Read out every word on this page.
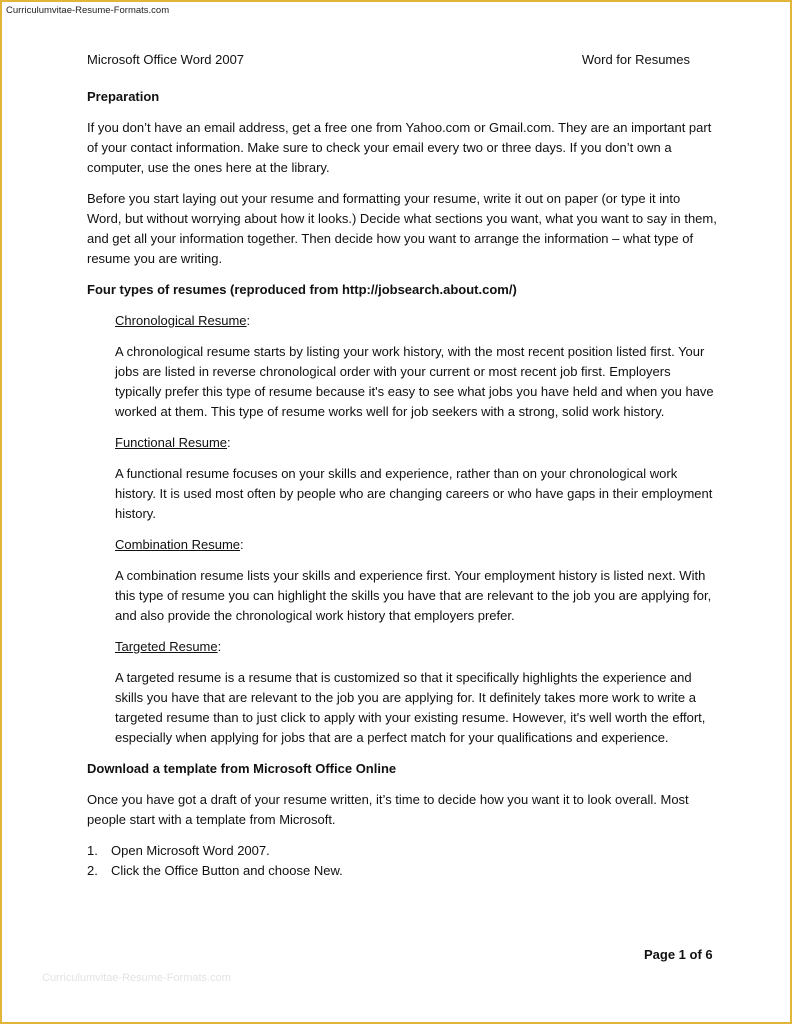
Curriculumvitae-Resume-Formats.com
Microsoft Office Word 2007	Word for Resumes

Preparation

If you don’t have an email address, get a free one from Yahoo.com or Gmail.com. They are an important part of your contact information. Make sure to check your email every two or three days. If you don’t own a computer, use the ones here at the library.

Before you start laying out your resume and formatting your resume, write it out on paper (or type it into Word, but without worrying about how it looks.) Decide what sections you want, what you want to say in them, and get all your information together. Then decide how you want to arrange the information – what type of resume you are writing.

Four types of resumes (reproduced from http://jobsearch.about.com/)

Chronological Resume:

A chronological resume starts by listing your work history, with the most recent position listed first. Your jobs are listed in reverse chronological order with your current or most recent job first. Employers typically prefer this type of resume because it's easy to see what jobs you have held and when you have worked at them. This type of resume works well for job seekers with a strong, solid work history.

Functional Resume:

A functional resume focuses on your skills and experience, rather than on your chronological work history. It is used most often by people who are changing careers or who have gaps in their employment history.

Combination Resume:

A combination resume lists your skills and experience first. Your employment history is listed next. With this type of resume you can highlight the skills you have that are relevant to the job you are applying for, and also provide the chronological work history that employers prefer.

Targeted Resume:

A targeted resume is a resume that is customized so that it specifically highlights the experience and skills you have that are relevant to the job you are applying for. It definitely takes more work to write a targeted resume than to just click to apply with your existing resume. However, it's well worth the effort, especially when applying for jobs that are a perfect match for your qualifications and experience.

Download a template from Microsoft Office Online

Once you have got a draft of your resume written, it’s time to decide how you want it to look overall. Most people start with a template from Microsoft.

1.	Open Microsoft Word 2007.
2.	Click the Office Button and choose New.
Page 1 of 6
Curriculumvitae-Resume-Formats.com
